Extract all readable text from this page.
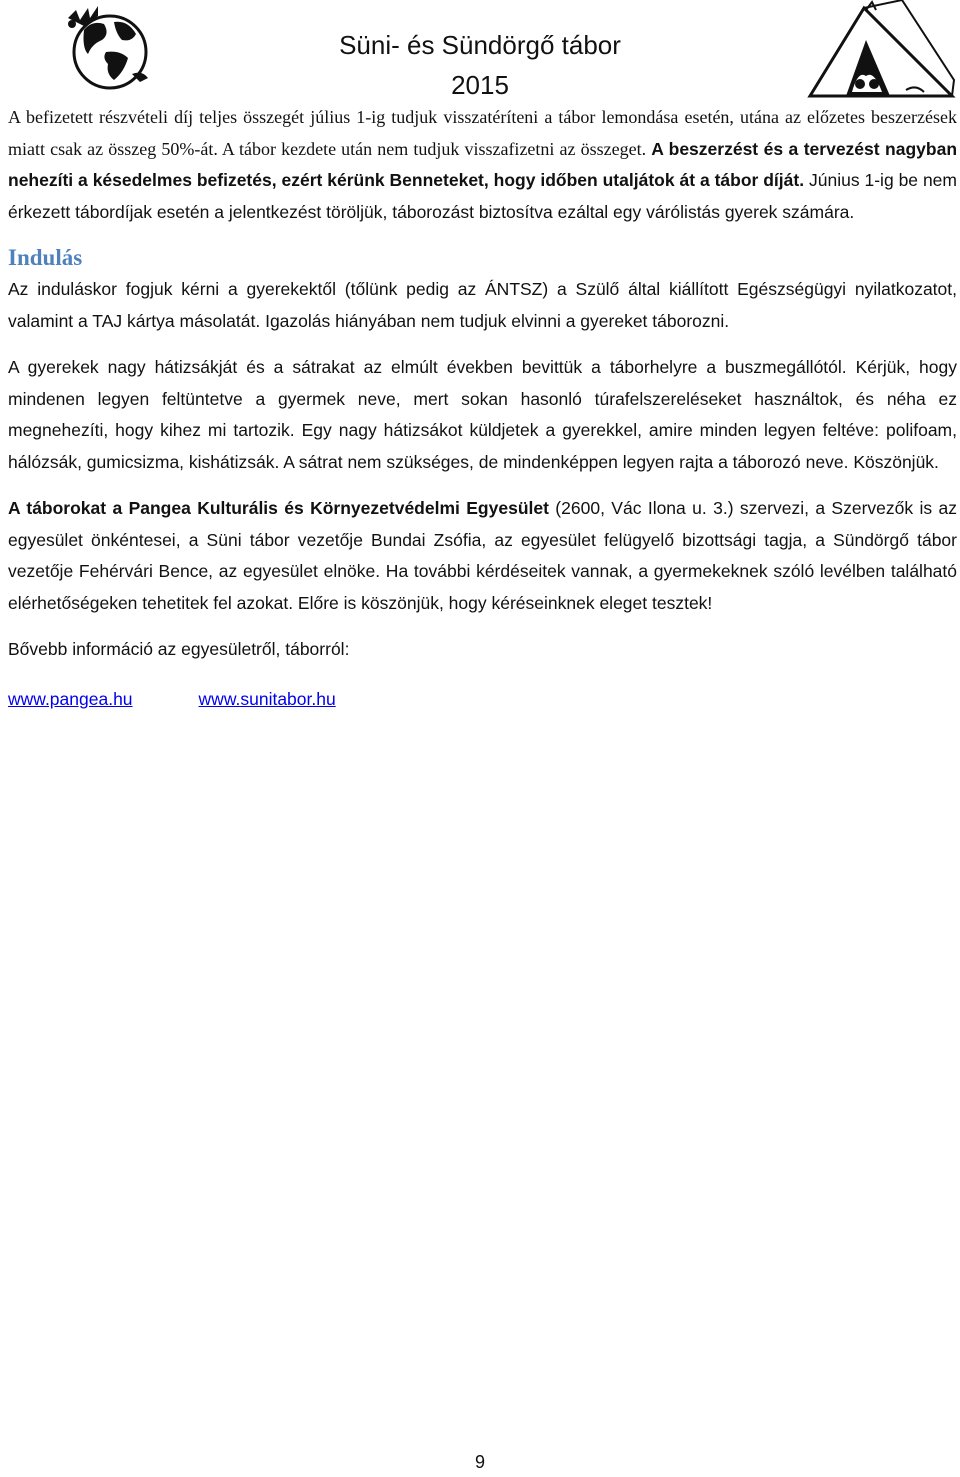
Süni- és Sündörgő tábor
2015

A befizetett részvételi díj teljes összegét július 1-ig tudjuk visszatéríteni a tábor lemondása esetén, utána az előzetes beszerzések miatt csak az összeg 50%-át. A tábor kezdete után nem tudjuk visszafizetni az összeget. A beszerzést és a tervezést nagyban nehezíti a késedelmes befizetés, ezért kérünk Benneteket, hogy időben utaljátok át a tábor díját. Június 1-ig be nem érkezett tábordíjak esetén a jelentkezést töröljük, táborozást biztosítva ezáltal egy várólistás gyerek számára.

Indulás

Az induláskor fogjuk kérni a gyerekektől (tőlünk pedig az ÁNTSZ) a Szülő által kiállított Egészségügyi nyilatkozatot, valamint a TAJ kártya másolatát. Igazolás hiányában nem tudjuk elvinni a gyereket táborozni.

A gyerekek nagy hátizsákját és a sátrakat az elmúlt években bevittük a táborhelyre a buszmegállótól. Kérjük, hogy mindenen legyen feltüntetve a gyermek neve, mert sokan hasonló túrafelszereléseket használtok, és néha ez megnehezíti, hogy kihez mi tartozik. Egy nagy hátizsákot küldjetek a gyerekkel, amire minden legyen feltéve: polifoam, hálózsák, gumicsizma, kishátizsák. A sátrat nem szükséges, de mindenképpen legyen rajta a táborozó neve. Köszönjük.

A táborokat a Pangea Kulturális és Környezetvédelmi Egyesület (2600, Vác Ilona u. 3.) szervezi, a Szervezők is az egyesület önkéntesei, a Süni tábor vezetője Bundai Zsófia, az egyesület felügyelő bizottsági tagja, a Sündörgő tábor vezetője Fehérvári Bence, az egyesület elnöke. Ha további kérdéseitek vannak, a gyermekeknek szóló levélben található elérhetőségeken tehetitek fel azokat. Előre is köszönjük, hogy kéréseinknek eleget tesztek!

Bővebb információ az egyesületről, táborról:

www.pangea.hu	www.sunitabor.hu
9
